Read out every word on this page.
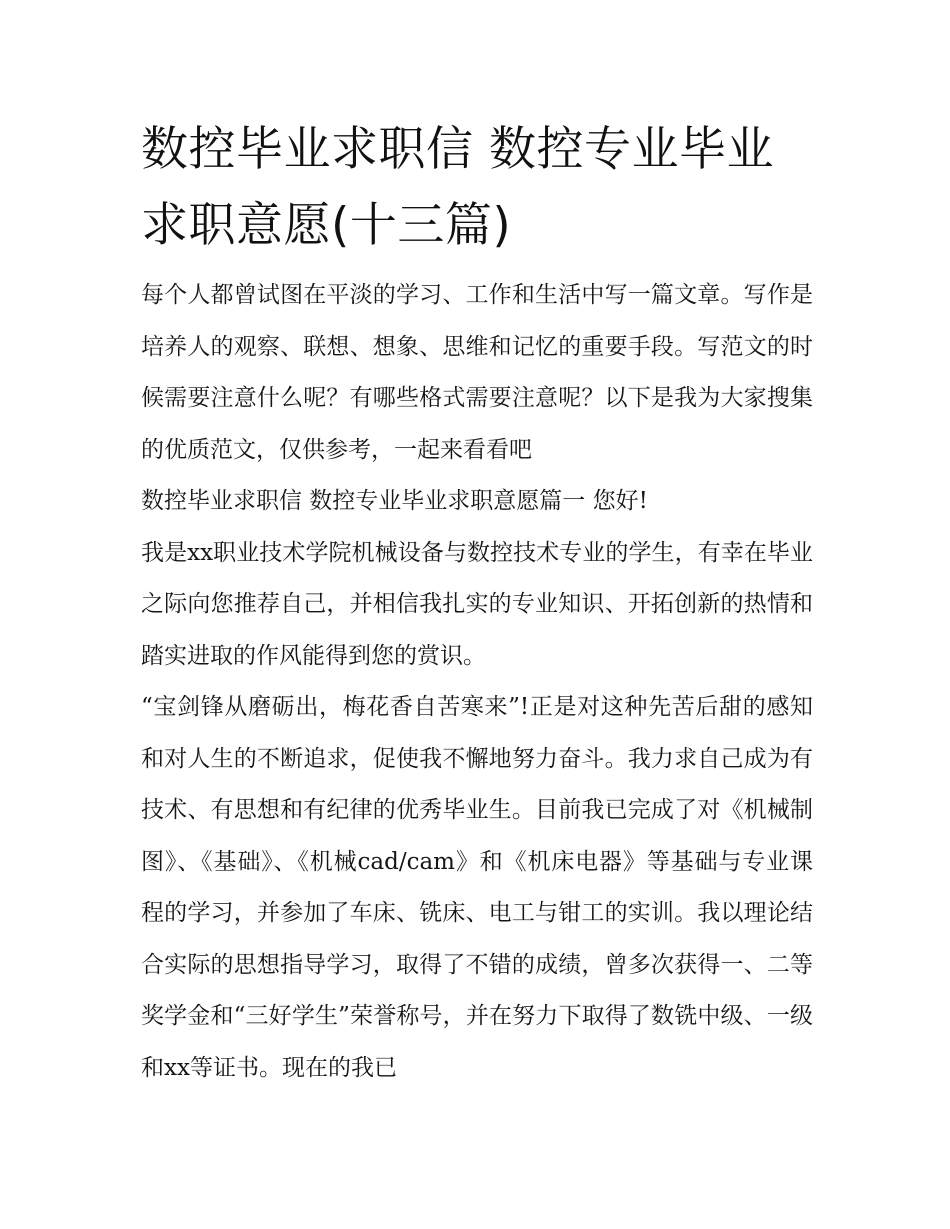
数控毕业求职信 数控专业毕业求职意愿(十三篇)

每个人都曾试图在平淡的学习、工作和生活中写一篇文章。写作是培养人的观察、联想、想象、思维和记忆的重要手段。写范文的时候需要注意什么呢？有哪些格式需要注意呢？以下是我为大家搜集的优质范文，仅供参考，一起来看看吧

数控毕业求职信 数控专业毕业求职意愿篇一 您好!

我是xx职业技术学院机械设备与数控技术专业的学生，有幸在毕业之际向您推荐自己，并相信我扎实的专业知识、开拓创新的热情和踏实进取的作风能得到您的赏识。

“宝剑锋从磨砺出，梅花香自苦寒来”!正是对这种先苦后甜的感知和对人生的不断追求，促使我不懈地努力奋斗。我力求自己成为有技术、有思想和有纪律的优秀毕业生。目前我已完成了对《机械制图》、《基础》、《机械cad/cam》和《机床电器》等基础与专业课程的学习，并参加了车床、铣床、电工与钳工的实训。我以理论结合实际的思想指导学习，取得了不错的成绩，曾多次获得一、二等奖学金和“三好学生”荣誉称号，并在努力下取得了数铣中级、一级和xx等证书。现在的我已
